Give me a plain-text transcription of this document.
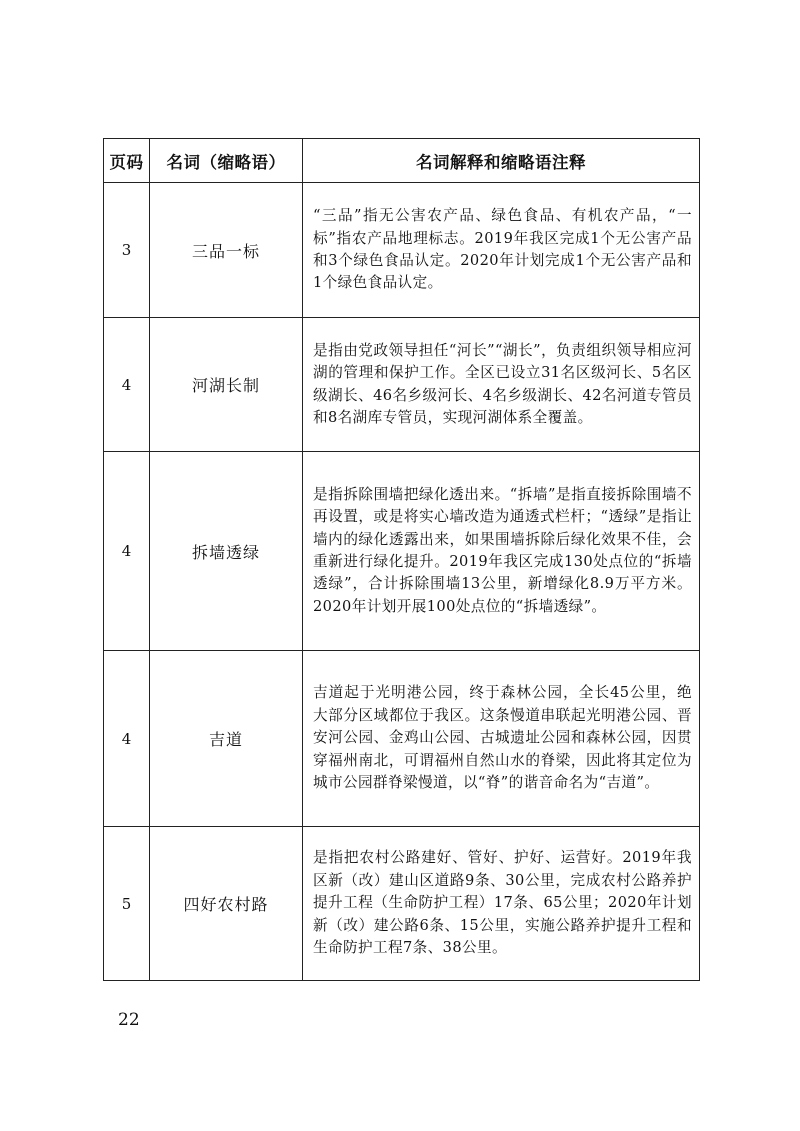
页码	名词（缩略语）	名词解释和缩略语注释
3	三品一标	“三品”指无公害农产品、绿色食品、有机农产品，“一标”指农产品地理标志。2019年我区完成1个无公害产品和3个绿色食品认定。2020年计划完成1个无公害产品和1个绿色食品认定。
4	河湖长制	是指由党政领导担任“河长”“湖长”，负责组织领导相应河湖的管理和保护工作。全区已设立31名区级河长、5名区级湖长、46名乡级河长、4名乡级湖长、42名河道专管员和8名湖库专管员，实现河湖体系全覆盖。
4	拆墙透绿	是指拆除围墙把绿化透出来。“拆墙”是指直接拆除围墙不再设置，或是将实心墙改造为通透式栏杆；“透绿”是指让墙内的绿化透露出来，如果围墙拆除后绿化效果不佳，会重新进行绿化提升。2019年我区完成130处点位的“拆墙透绿”，合计拆除围墙13公里，新增绿化8.9万平方米。2020年计划开展100处点位的“拆墙透绿”。
4	吉道	吉道起于光明港公园，终于森林公园，全长45公里，绝大部分区域都位于我区。这条慢道串联起光明港公园、晋安河公园、金鸡山公园、古城遗址公园和森林公园，因贯穿福州南北，可谓福州自然山水的脊梁，因此将其定位为城市公园群脊梁慢道，以“脊”的谐音命名为“吉道”。
5	四好农村路	是指把农村公路建好、管好、护好、运营好。2019年我区新（改）建山区道路9条、30公里，完成农村公路养护提升工程（生命防护工程）17条、65公里；2020年计划新（改）建公路6条、15公里，实施公路养护提升工程和生命防护工程7条、38公里。
22
